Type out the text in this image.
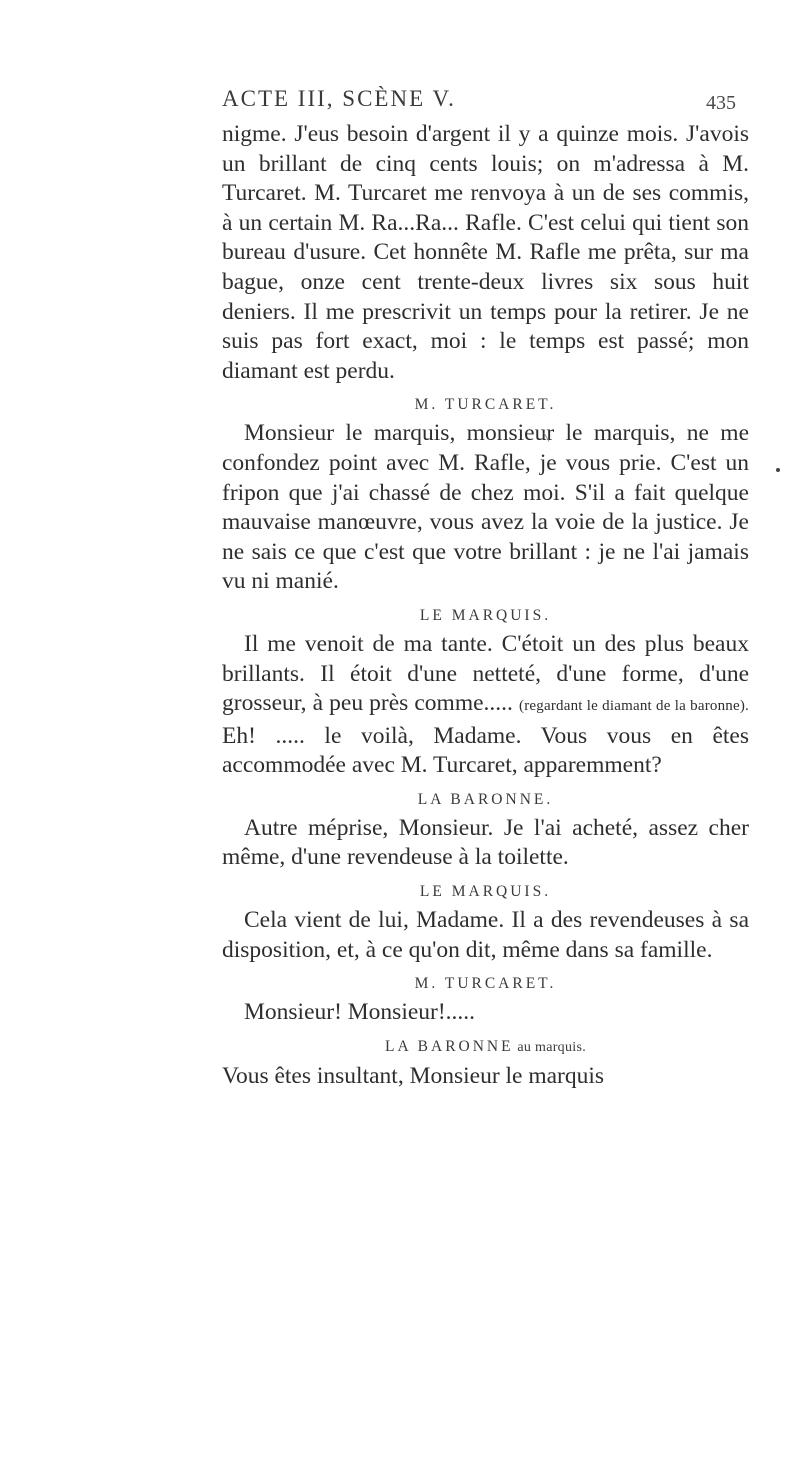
ACTE III, SCÈNE V.	435

nigme. J'eus besoin d'argent il y a quinze mois. J'avois un brillant de cinq cents louis; on m'adressa à M. Turcaret. M. Turcaret me renvoya à un de ses commis, à un certain M. Ra...Ra... Rafle. C'est celui qui tient son bureau d'usure. Cet honnête M. Rafle me prêta, sur ma bague, onze cent trente-deux livres six sous huit deniers. Il me prescrivit un temps pour la retirer. Je ne suis pas fort exact, moi : le temps est passé; mon diamant est perdu.

M. TURCARET.

Monsieur le marquis, monsieur le marquis, ne me confondez point avec M. Rafle, je vous prie. C'est un fripon que j'ai chassé de chez moi. S'il a fait quelque mauvaise manœuvre, vous avez la voie de la justice. Je ne sais ce que c'est que votre brillant : je ne l'ai jamais vu ni manié.

LE MARQUIS.

Il me venoit de ma tante. C'étoit un des plus beaux brillants. Il étoit d'une netteté, d'une forme, d'une grosseur, à peu près comme..... (regardant le diamant de la baronne). Eh! ..... le voilà, Madame. Vous vous en êtes accommodée avec M. Turcaret, apparemment?

LA BARONNE.

Autre méprise, Monsieur. Je l'ai acheté, assez cher même, d'une revendeuse à la toilette.

LE MARQUIS.

Cela vient de lui, Madame. Il a des revendeuses à sa disposition, et, à ce qu'on dit, même dans sa famille.

M. TURCARET.

Monsieur! Monsieur!.....

LA BARONNE au marquis.

Vous êtes insultant, Monsieur le marquis
